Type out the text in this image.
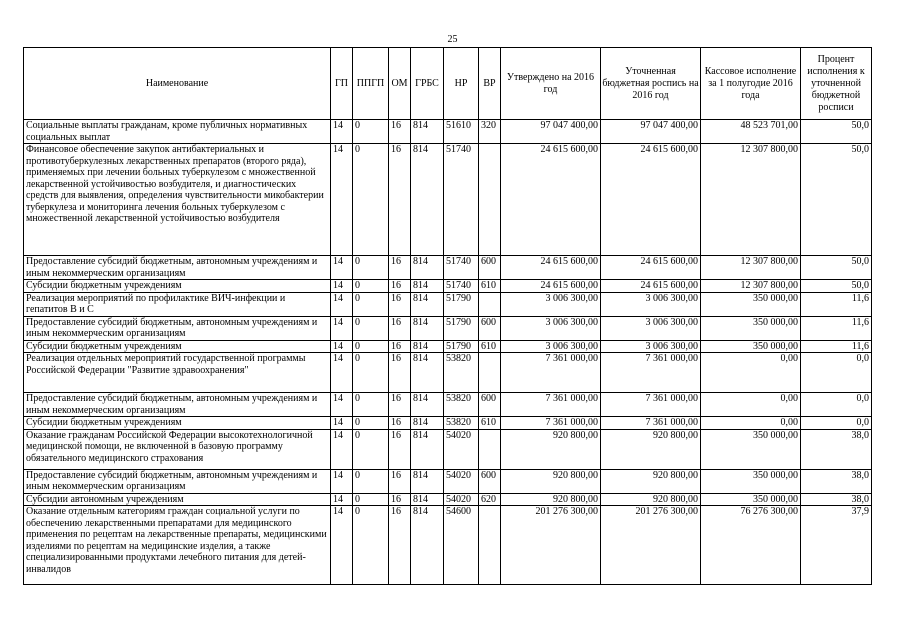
25
Наименование	ГП	ППГП	ОМ	ГРБС	НР	ВР	Утверждено на 2016 год	Уточненная бюджетная роспись на 2016 год	Кассовое исполнение за 1 полугодие 2016 года	Процент исполнения к уточненной бюджетной росписи
Социальные выплаты гражданам, кроме публичных нормативных социальных выплат	14	0	16	814	51610	320	97 047 400,00	97 047 400,00	48 523 701,00	50,0
Финансовое обеспечение закупок антибактериальных и противотуберкулезных лекарственных препаратов (второго ряда), применяемых при лечении больных туберкулезом с множественной лекарственной устойчивостью возбудителя, и диагностических средств для выявления, определения чувствительности микобактерии туберкулеза и мониторинга лечения больных туберкулезом с множественной лекарственной устойчивостью возбудителя	14	0	16	814	51740		24 615 600,00	24 615 600,00	12 307 800,00	50,0
Предоставление субсидий бюджетным, автономным учреждениям и иным некоммерческим организациям	14	0	16	814	51740	600	24 615 600,00	24 615 600,00	12 307 800,00	50,0
Субсидии бюджетным учреждениям	14	0	16	814	51740	610	24 615 600,00	24 615 600,00	12 307 800,00	50,0
Реализация мероприятий по профилактике ВИЧ-инфекции и гепатитов В и С	14	0	16	814	51790		3 006 300,00	3 006 300,00	350 000,00	11,6
Предоставление субсидий бюджетным, автономным учреждениям и иным некоммерческим организациям	14	0	16	814	51790	600	3 006 300,00	3 006 300,00	350 000,00	11,6
Субсидии бюджетным учреждениям	14	0	16	814	51790	610	3 006 300,00	3 006 300,00	350 000,00	11,6
Реализация отдельных мероприятий государственной программы Российской Федерации "Развитие здравоохранения"	14	0	16	814	53820		7 361 000,00	7 361 000,00	0,00	0,0
Предоставление субсидий бюджетным, автономным учреждениям и иным некоммерческим организациям	14	0	16	814	53820	600	7 361 000,00	7 361 000,00	0,00	0,0
Субсидии бюджетным учреждениям	14	0	16	814	53820	610	7 361 000,00	7 361 000,00	0,00	0,0
Оказание гражданам Российской Федерации высокотехнологичной медицинской помощи, не включенной в базовую программу обязательного медицинского страхования	14	0	16	814	54020		920 800,00	920 800,00	350 000,00	38,0
Предоставление субсидий бюджетным, автономным учреждениям и иным некоммерческим организациям	14	0	16	814	54020	600	920 800,00	920 800,00	350 000,00	38,0
Субсидии автономным учреждениям	14	0	16	814	54020	620	920 800,00	920 800,00	350 000,00	38,0
Оказание отдельным категориям граждан социальной услуги по обеспечению лекарственными препаратами для медицинского применения по рецептам на лекарственные препараты, медицинскими изделиями по рецептам на медицинские изделия, а также специализированными продуктами лечебного питания для детей-инвалидов	14	0	16	814	54600		201 276 300,00	201 276 300,00	76 276 300,00	37,9
